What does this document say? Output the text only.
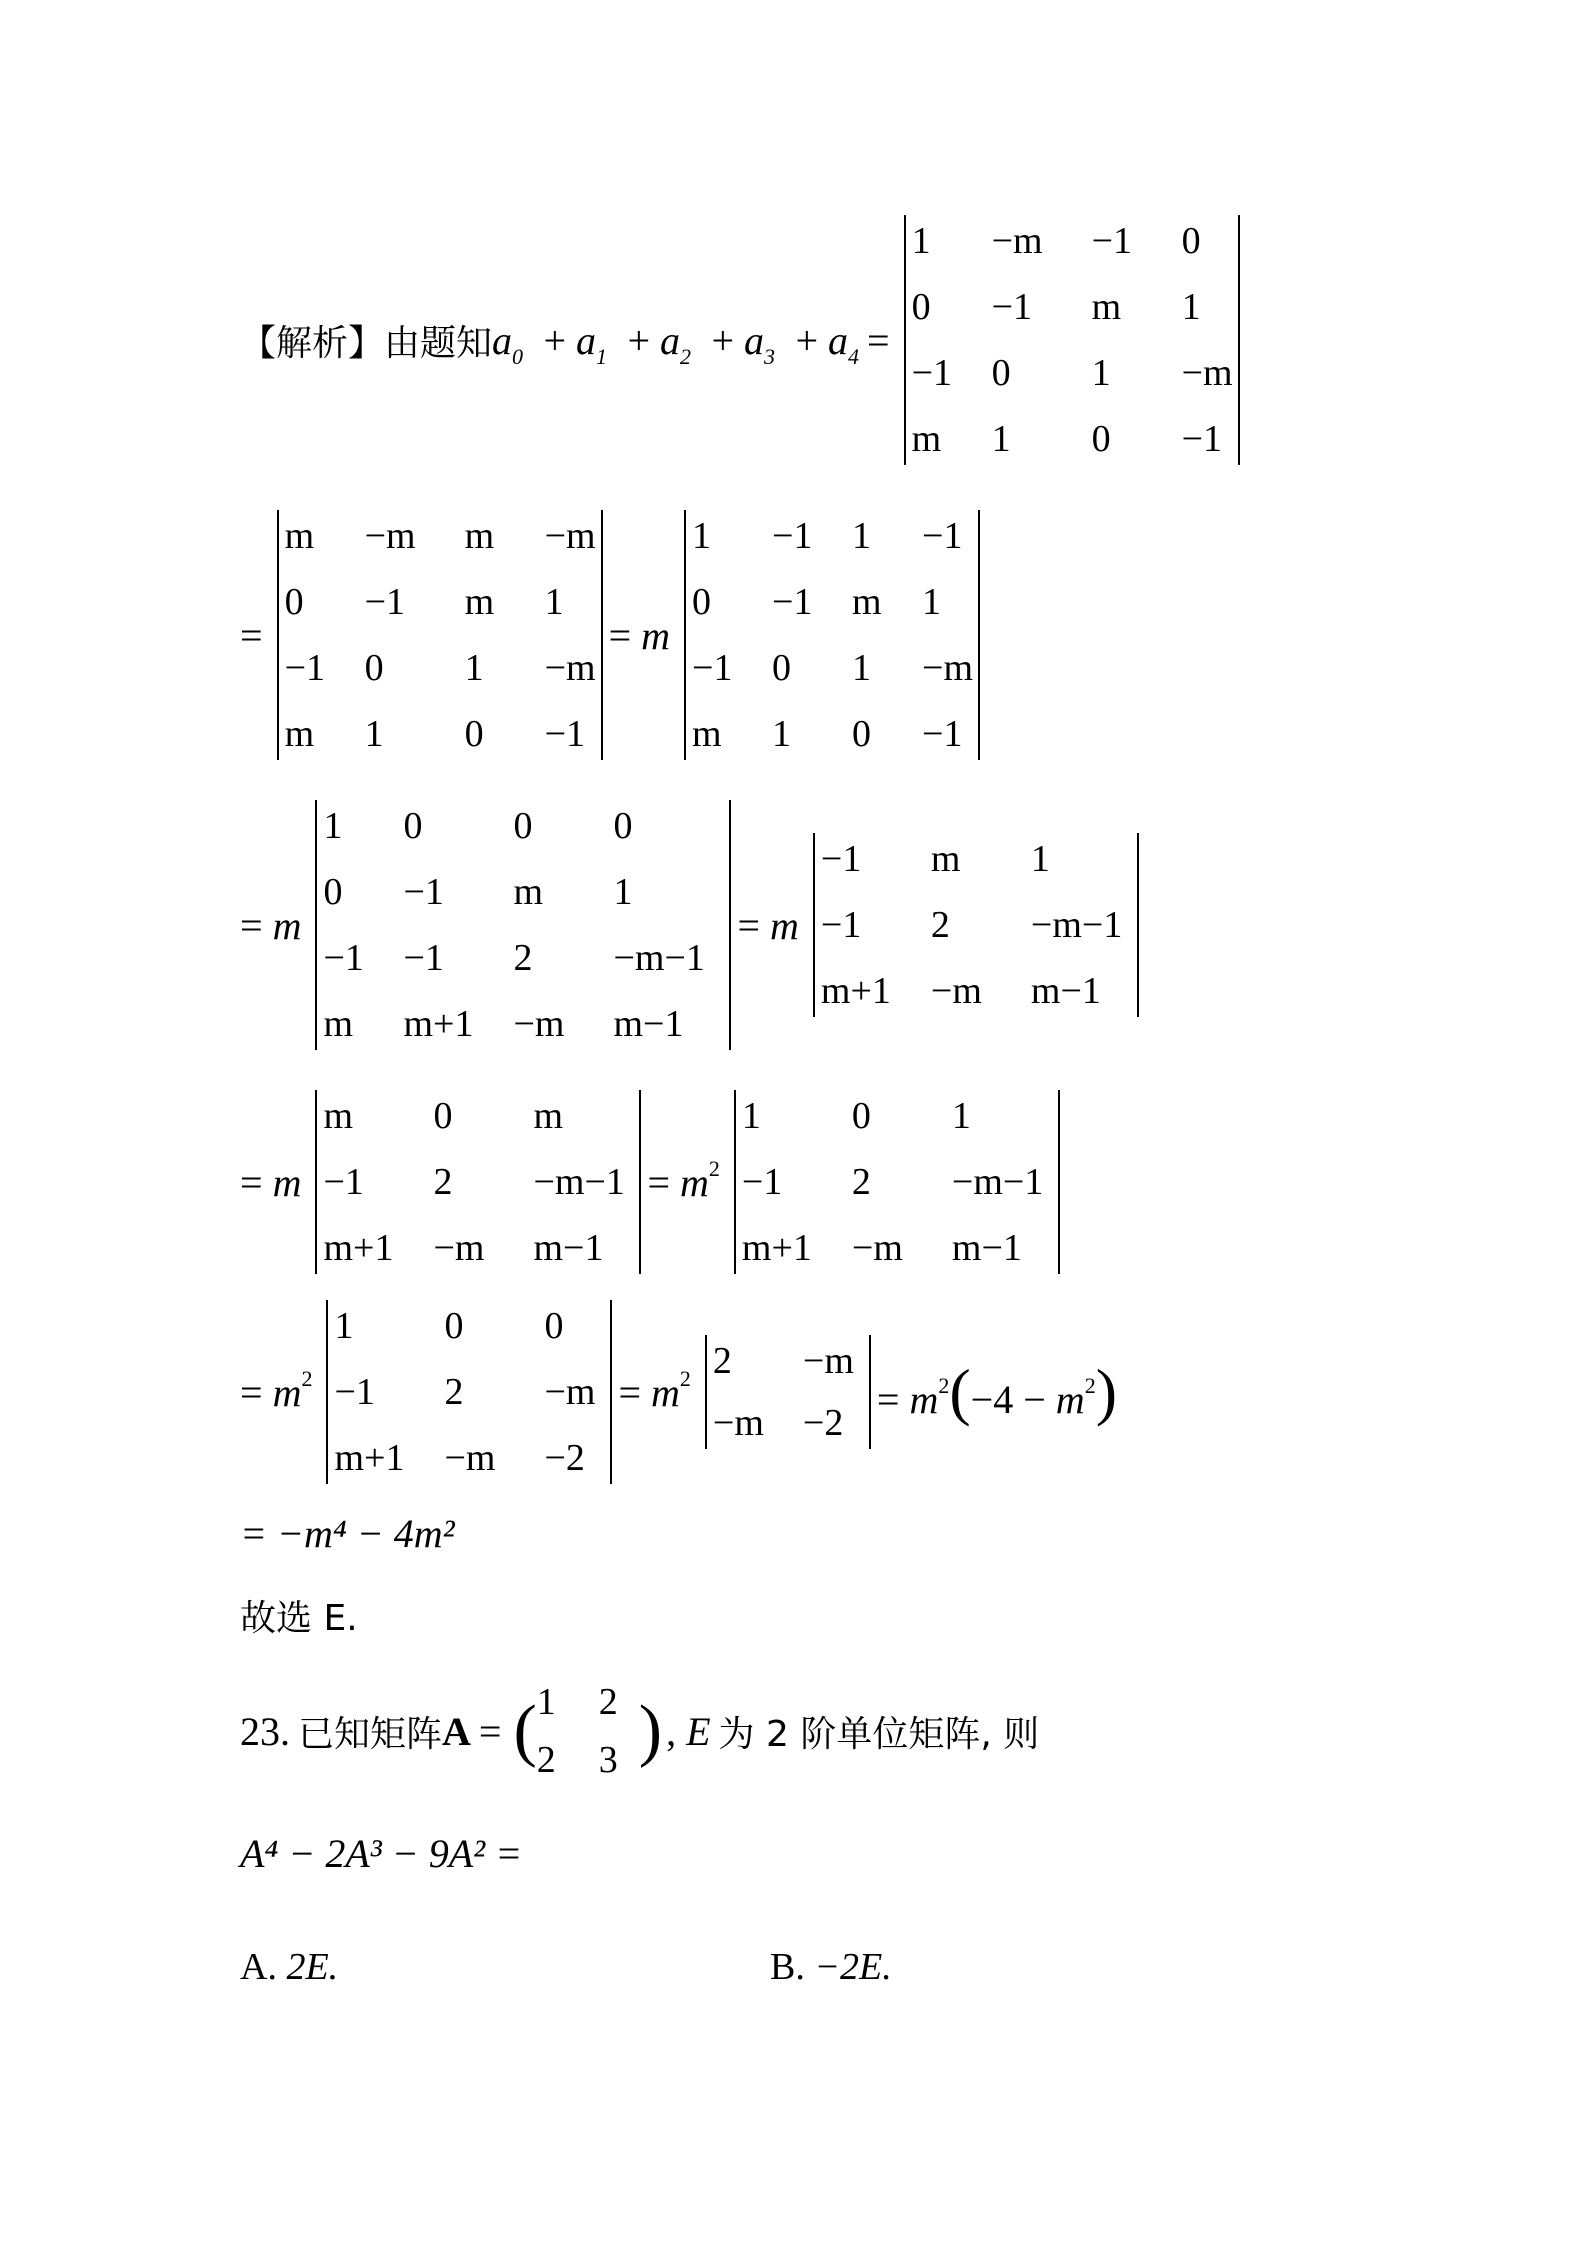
【解析】 由题知 $a_0 + a_1 + a_2 + a_3 + a_4$ =
1	−m	−1	0
0	−1	m	1
−1	0	1	−m
m	1	0	−1
=
m	−m	m	−m
0	−1	m	1
−1	0	1	−m
m	1	0	−1
= m
1	−1	1	−1
0	−1	m	1
−1	0	1	−m
m	1	0	−1
= m
1	0	0	0
0	−1	m	1
−1	−1	2	−m−1
m	m+1	−m	m−1
= m
−1	m	1
−1	2	−m−1
m+1	−m	m−1
= m
m	0	m
−1	2	−m−1
m+1	−m	m−1
= $m^2$
1	0	1
−1	2	−m−1
m+1	−m	m−1
= $m^2$
1	0	0
−1	2	−m
m+1	−m	−2
= $m^2$ 2	−m
−m	−2
= $m^2(-4 - m^2)$
= −m⁴ − 4m²
故选 E.
23. 已知矩阵 A = ( 1	2
2	3 ) , E 为 2 阶单位矩阵, 则
A⁴ − 2A³ − 9A² =
A. 2E.	B. −2E.
